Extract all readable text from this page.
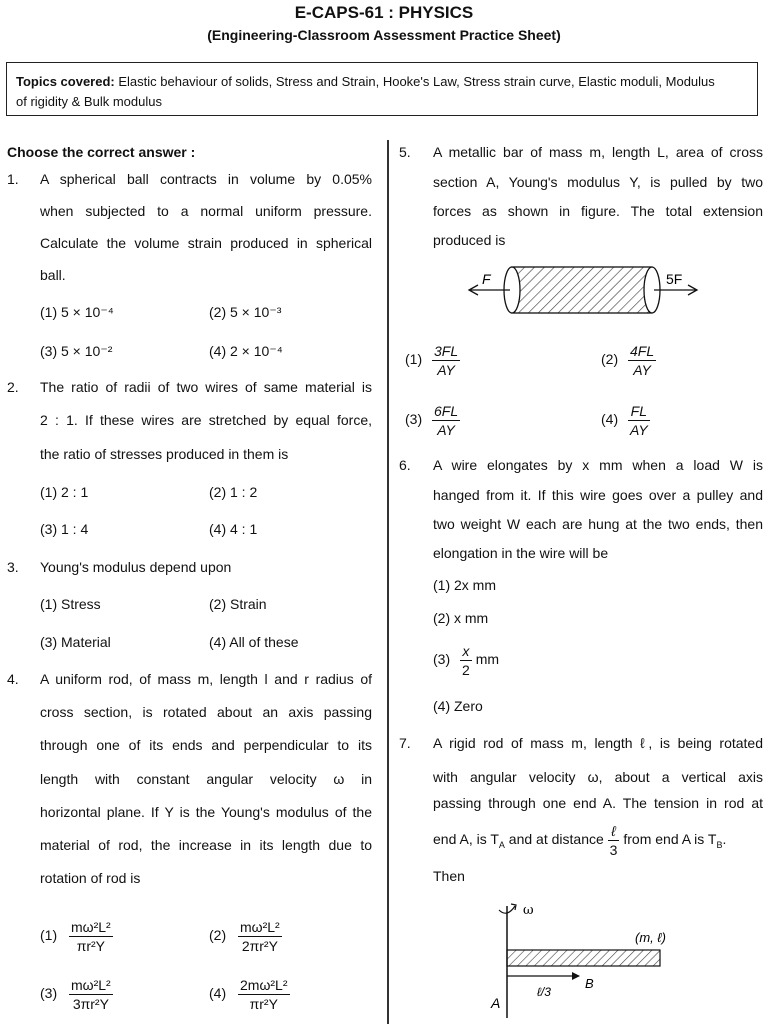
E-CAPS-61 : PHYSICS
(Engineering-Classroom Assessment Practice Sheet)
Topics covered: Elastic behaviour of solids, Stress and Strain, Hooke's Law, Stress strain curve, Elastic moduli, Modulus
of rigidity & Bulk modulus
Choose the correct answer :
1. A spherical ball contracts in volume by 0.05%
when subjected to a normal uniform pressure.
Calculate the volume strain produced in spherical
ball.
(1) 5 × 10⁻⁴	(2) 5 × 10⁻³
(3) 5 × 10⁻²	(4) 2 × 10⁻⁴
2. The ratio of radii of two wires of same material is
2 : 1. If these wires are stretched by equal force,
the ratio of stresses produced in them is
(1) 2 : 1	(2) 1 : 2
(3) 1 : 4	(4) 4 : 1
3. Young's modulus depend upon
(1) Stress	(2) Strain
(3) Material	(4) All of these
4. A uniform rod, of mass m, length l and r radius of
cross section, is rotated about an axis passing
through one of its ends and perpendicular to its
length with constant angular velocity ω in
horizontal plane. If Y is the Young's modulus of the
material of rod, the increase in its length due to
rotation of rod is
$(1) \frac{\text{mω²L²}}{\text{πr²Y}}$	$(2) \frac{\text{mω²L²}}{\text{2πr²Y}}$
$(3) \frac{\text{mω²L²}}{\text{3πr²Y}}$	$(4) \frac{\text{2mω²L²}}{\text{πr²Y}}$
5. A metallic bar of mass m, length L, area of cross
section A, Young's modulus Y, is pulled by two
forces as shown in figure. The total extension
produced is
F	5F
$(1) \frac{3FL}{AY}$	$(2) \frac{4FL}{AY}$
$(3) \frac{6FL}{AY}$	$(4) \frac{FL}{AY}$
6. A wire elongates by x mm when a load W is
hanged from it. If this wire goes over a pulley and
two weight W each are hung at the two ends, then
elongation in the wire will be
(1) 2x mm
(2) x mm
$(3) \frac{x}{2}$ mm
(4) Zero
7. A rigid rod of mass m, length ℓ, is being rotated
with angular velocity ω, about a vertical axis
passing through one end A. The tension in rod at
end A, is $T_A$ and at distance $\frac{\text{ℓ}}{3}$ from end A is $T_B$.
Then
ω
(m, ℓ)
B
A
ℓ/3
